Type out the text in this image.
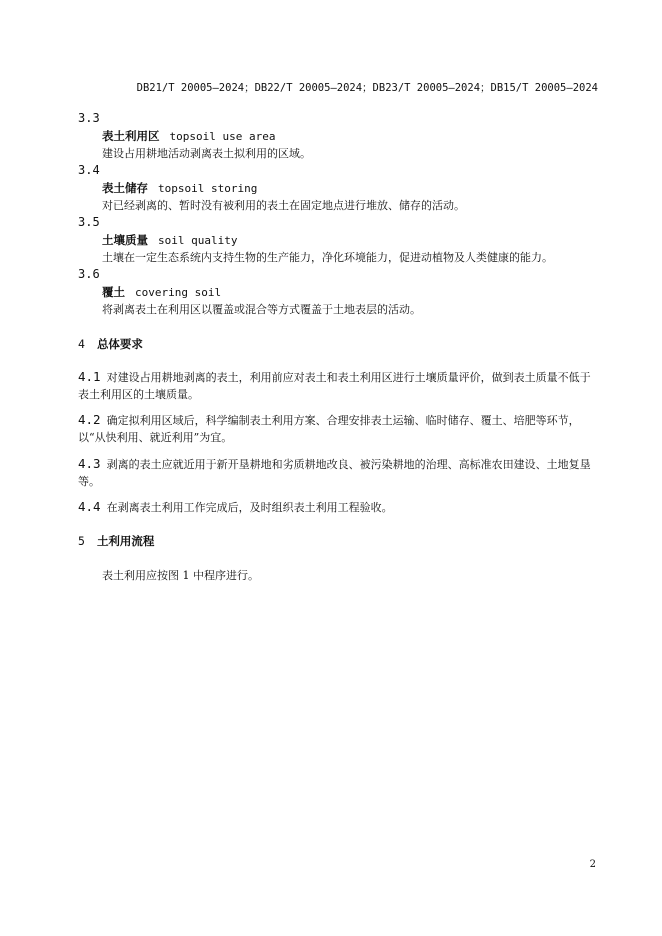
DB21/T 20005—2024；DB22/T 20005—2024；DB23/T 20005—2024；DB15/T 20005—2024
3.3
表土利用区 topsoil use area
建设占用耕地活动剥离表土拟利用的区域。
3.4
表土储存 topsoil storing
对已经剥离的、暂时没有被利用的表土在固定地点进行堆放、储存的活动。
3.5
土壤质量 soil quality
土壤在一定生态系统内支持生物的生产能力，净化环境能力，促进动植物及人类健康的能力。
3.6
覆土 covering soil
将剥离表土在利用区以覆盖或混合等方式覆盖于土地表层的活动。
4 总体要求
4.1 对建设占用耕地剥离的表土，利用前应对表土和表土利用区进行土壤质量评价，做到表土质量不低于表土利用区的土壤质量。
4.2 确定拟利用区域后，科学编制表土利用方案、合理安排表土运输、临时储存、覆土、培肥等环节，以“从快利用、就近利用”为宜。
4.3 剥离的表土应就近用于新开垦耕地和劣质耕地改良、被污染耕地的治理、高标准农田建设、土地复垦等。
4.4 在剥离表土利用工作完成后，及时组织表土利用工程验收。
5 土利用流程
表土利用应按图 1 中程序进行。
2
